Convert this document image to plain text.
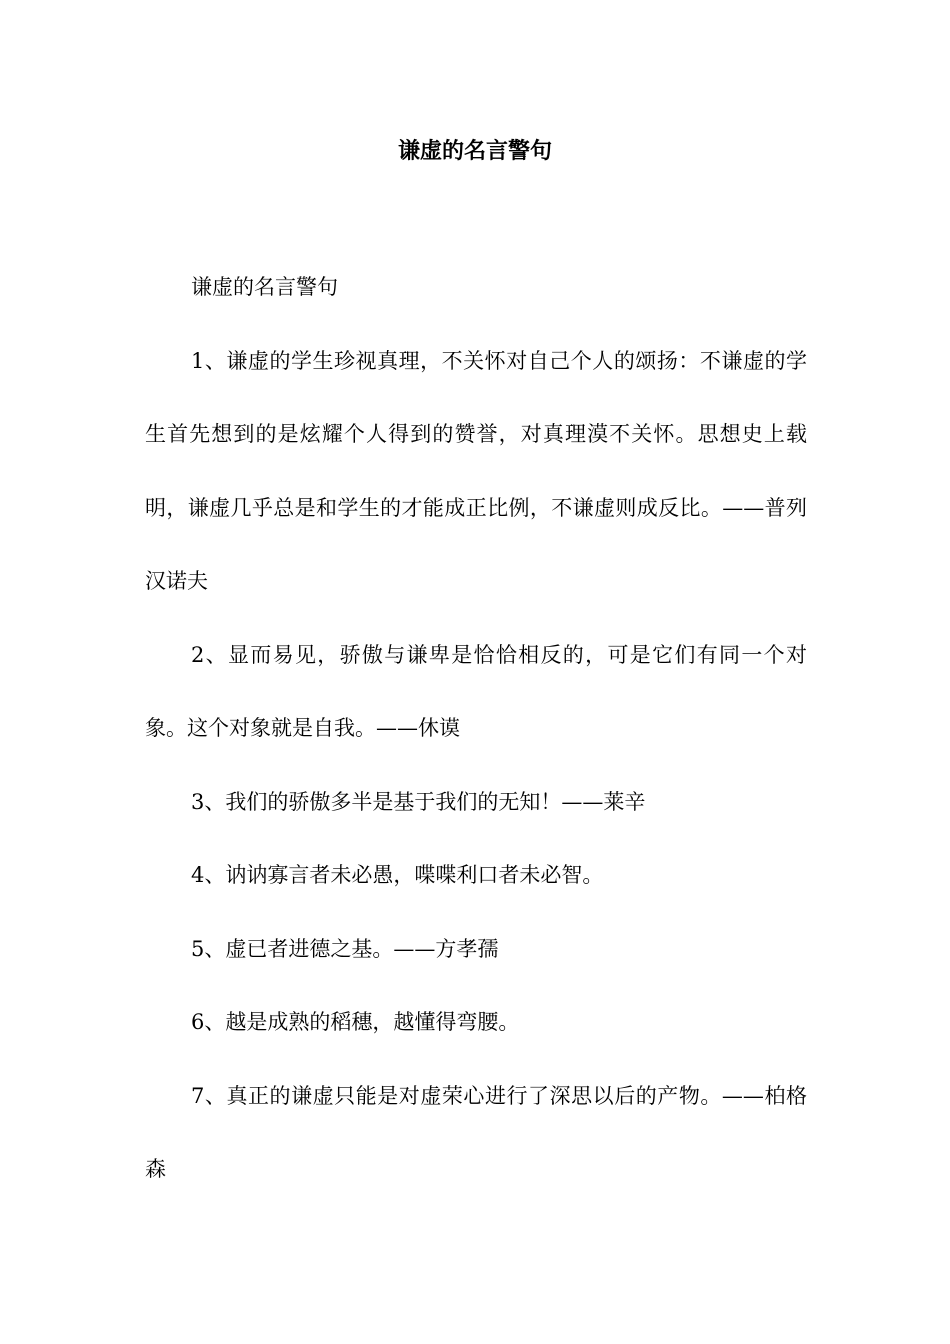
谦虚的名言警句

谦虚的名言警句

1、谦虚的学生珍视真理，不关怀对自己个人的颂扬：不谦虚的学生首先想到的是炫耀个人得到的赞誉，对真理漠不关怀。思想史上载明，谦虚几乎总是和学生的才能成正比例，不谦虚则成反比。——普列汉诺夫

2、显而易见，骄傲与谦卑是恰恰相反的，可是它们有同一个对象。这个对象就是自我。——休谟

3、我们的骄傲多半是基于我们的无知！——莱辛

4、讷讷寡言者未必愚，喋喋利口者未必智。

5、虚已者进德之基。——方孝孺

6、越是成熟的稻穗，越懂得弯腰。

7、真正的谦虚只能是对虚荣心进行了深思以后的产物。——柏格森
